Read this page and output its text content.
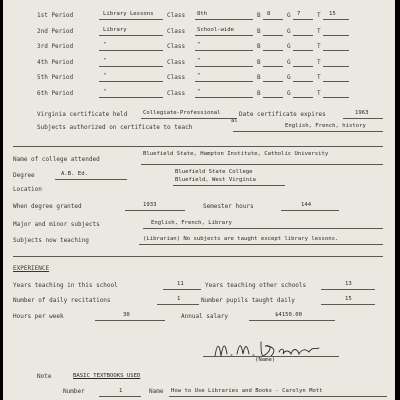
1st Period	Library Lessons Class 8th	B 8	G 7	T 15
2nd Period	Library	Class School-wide	B	G	T
3rd Period	"	Class "	B	G	T
4th Period	"	Class "	B	G	T
5th Period	"	Class "	B	G	T
6th Period	"	Class "	B	G	T
Virginia certificate held	Collegiate-Professional	Date certificate expires	1963
al
Subjects authorized on certificate to teach	English, French, history
Bluefield State, Hampton Institute, Catholic University
Name of college attended
Degree	A.B. Ed.	Bluefield State College
Bluefield, West Virginia
Location
When degree granted	1933	Semester hours	144
Major and minor subjects	English, French, Library
Subjects now teaching	(Librarian) No subjects are taught except library lessons.
EXPERIENCE
Years teaching in this school	11	Years teaching other schools	13
Number of daily recitations	1	Number pupils taught daily	15
Hours per week	30	Annual salary	$4150.00
(Name)
Note	BASIC TEXTBOOKS USED
Number	1	Name How to Use Libraries and Books - Carolyn Mott
